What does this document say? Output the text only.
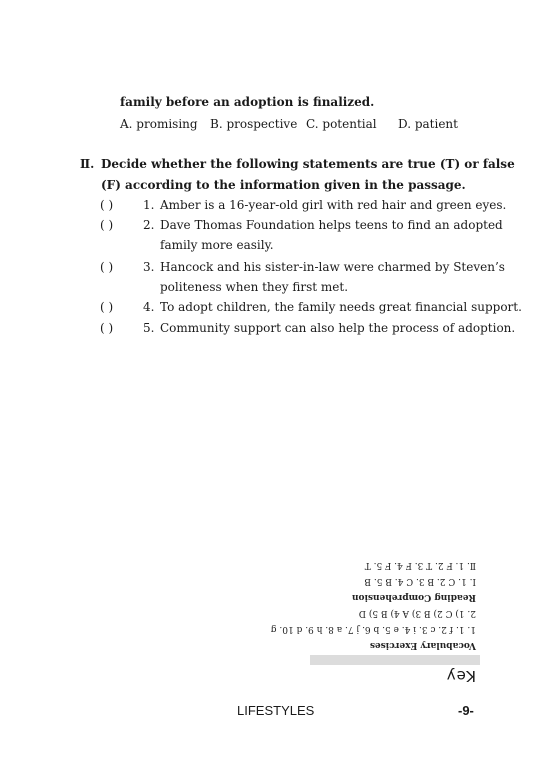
family before an adoption is finalized.
A. promising B. prospective C. potential D. patient
Ⅱ. Decide whether the following statements are true (T) or false
(F) according to the information given in the passage.
( ) 1. Amber is a 16-year-old girl with red hair and green eyes.
( ) 2. Dave Thomas Foundation helps teens to find an adopted
family more easily.
( ) 3. Hancock and his sister-in-law were charmed by Steven’s
politeness when they first met.
( ) 4. To adopt children, the family needs great financial support.
( ) 5. Community support can also help the process of adoption.
Key
Vocabulary Exercises
1. 1. f 2. c 3. i 4. e 5. b 6. j 7. a 8. h 9. d 10. g
2. 1) C 2) B 3) A 4) B 5) D
Reading Comprehension
Ⅰ. 1. C 2. B 3. C 4. B 5. B
Ⅱ. 1. F 2. T 3. F 4. F 5. T
LIFESTYLES	-9-
